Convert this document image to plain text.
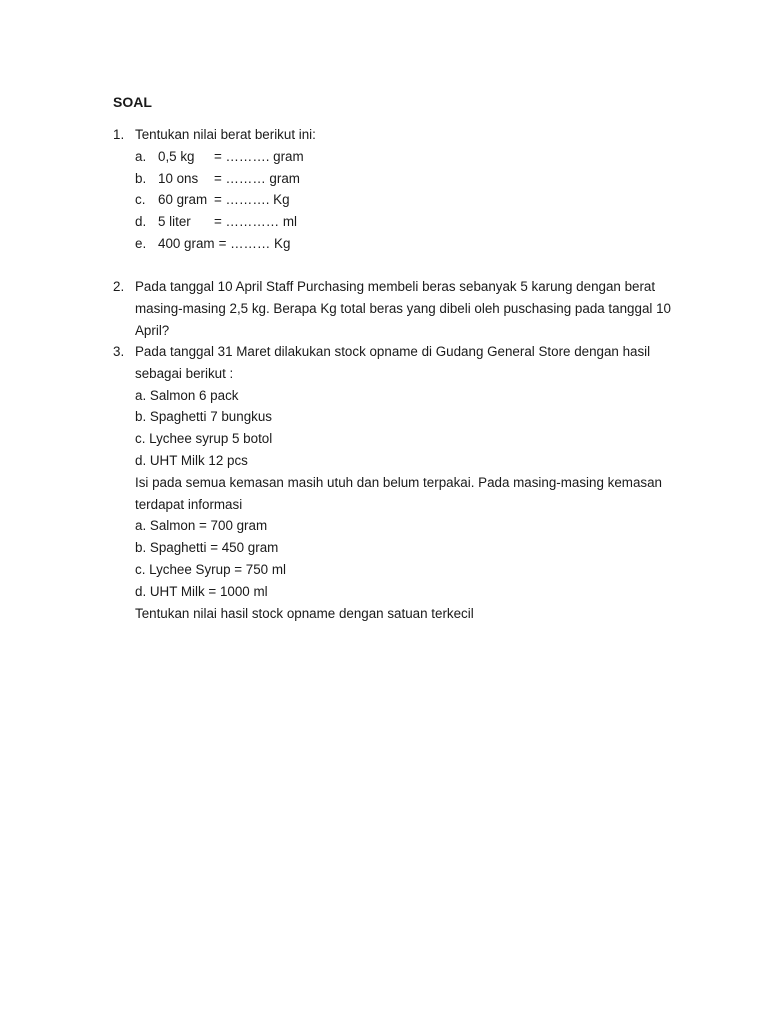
SOAL
1. Tentukan nilai berat berikut ini:
a. 0,5 kg	= ………. gram
b. 10 ons	= ……… gram
c. 60 gram = ………. Kg
d. 5 liter	= ………… ml
e. 400 gram = ……… Kg
2. Pada tanggal 10 April Staff Purchasing membeli beras sebanyak 5 karung dengan berat
masing-masing 2,5 kg. Berapa Kg total beras yang dibeli oleh puschasing pada tanggal 10
April?
3. Pada tanggal 31 Maret dilakukan stock opname di Gudang General Store dengan hasil
sebagai berikut :
a. Salmon 6 pack
b. Spaghetti 7 bungkus
c. Lychee syrup 5 botol
d. UHT Milk 12 pcs
Isi pada semua kemasan masih utuh dan belum terpakai. Pada masing-masing kemasan
terdapat informasi
a. Salmon = 700 gram
b. Spaghetti = 450 gram
c. Lychee Syrup = 750 ml
d. UHT Milk = 1000 ml
Tentukan nilai hasil stock opname dengan satuan terkecil
